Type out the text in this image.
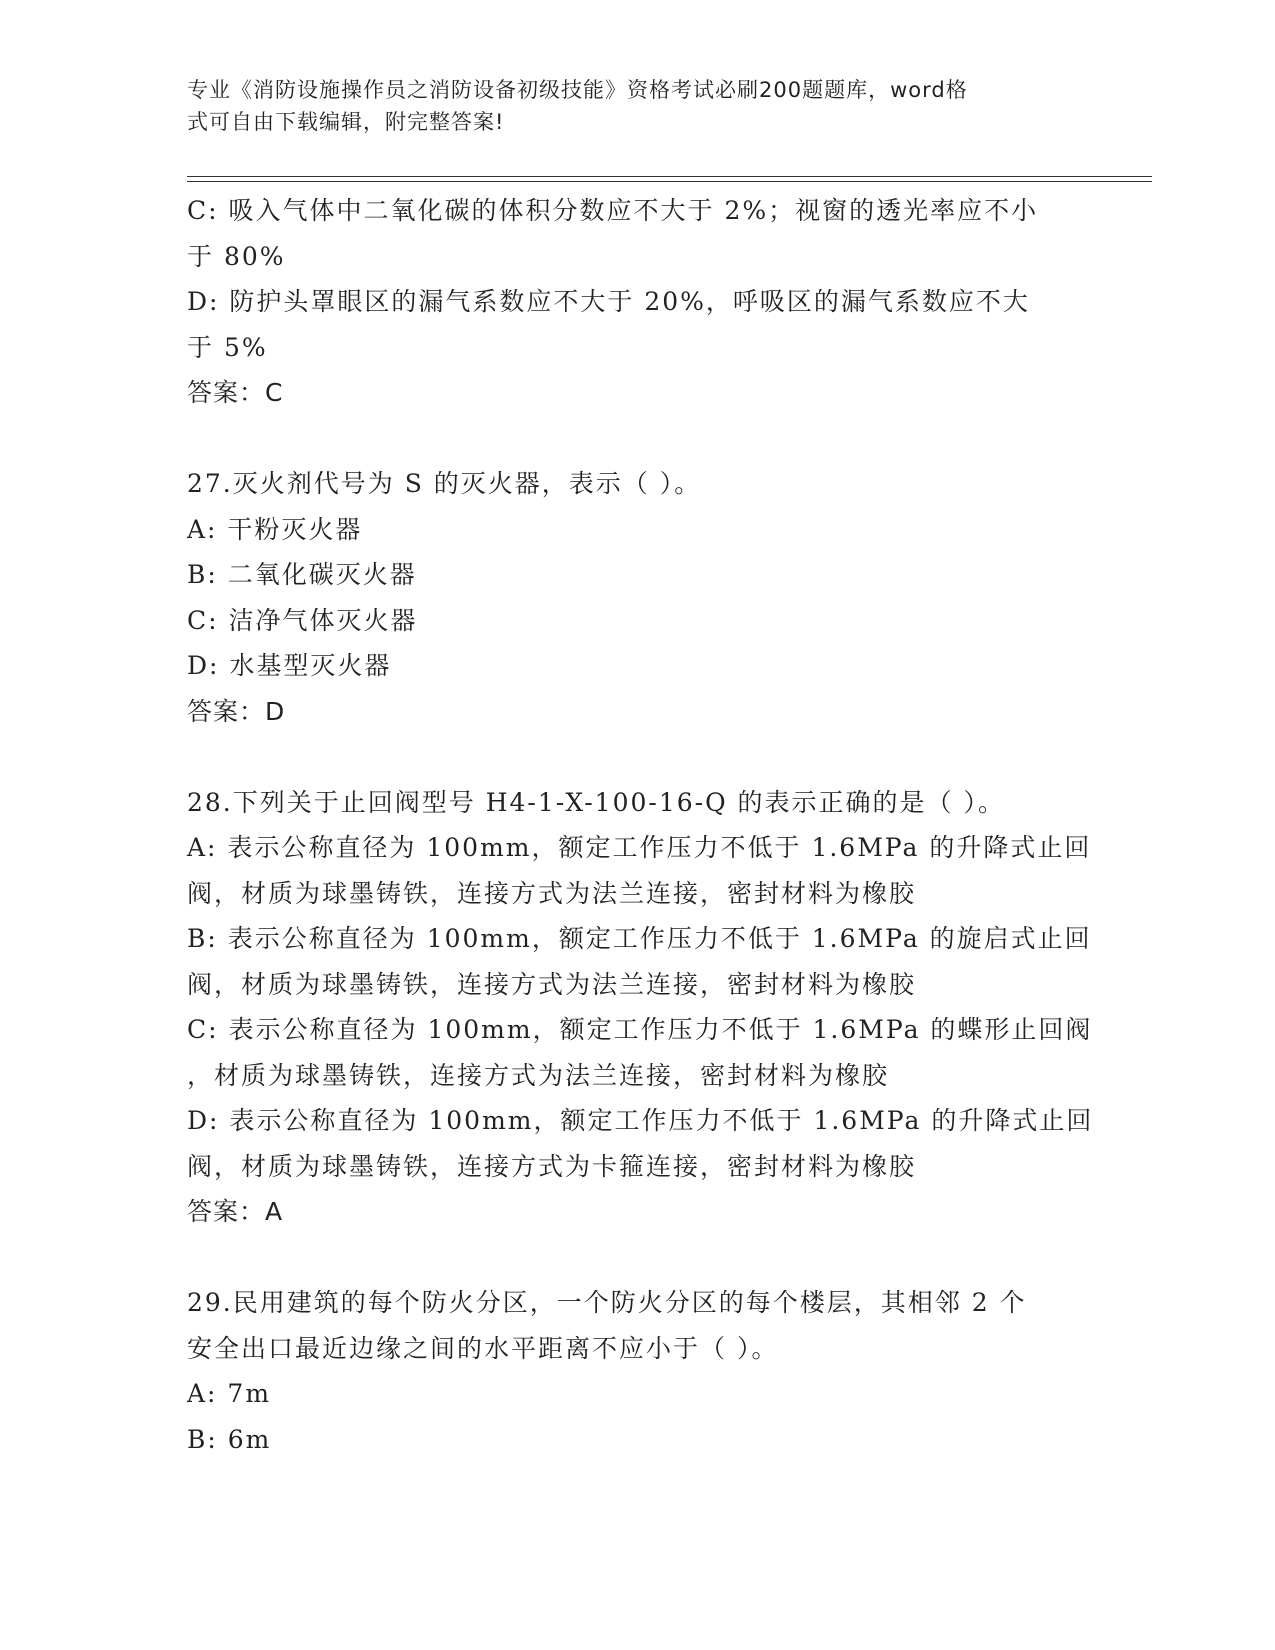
专业《消防设施操作员之消防设备初级技能》资格考试必刷200题题库，word格
式可自由下载编辑，附完整答案!
C: 吸入气体中二氧化碳的体积分数应不大于 2%；视窗的透光率应不小
于 80%
D: 防护头罩眼区的漏气系数应不大于 20%，呼吸区的漏气系数应不大
于 5%
答案：C
27.灭火剂代号为 S 的灭火器，表示（ ）。
A: 干粉灭火器
B: 二氧化碳灭火器
C: 洁净气体灭火器
D: 水基型灭火器
答案：D
28.下列关于止回阀型号 H4-1-X-100-16-Q 的表示正确的是（ ）。
A: 表示公称直径为 100mm，额定工作压力不低于 1.6MPa 的升降式止回
阀，材质为球墨铸铁，连接方式为法兰连接，密封材料为橡胶
B: 表示公称直径为 100mm，额定工作压力不低于 1.6MPa 的旋启式止回
阀，材质为球墨铸铁，连接方式为法兰连接，密封材料为橡胶
C: 表示公称直径为 100mm，额定工作压力不低于 1.6MPa 的蝶形止回阀
，材质为球墨铸铁，连接方式为法兰连接，密封材料为橡胶
D: 表示公称直径为 100mm，额定工作压力不低于 1.6MPa 的升降式止回
阀，材质为球墨铸铁，连接方式为卡箍连接，密封材料为橡胶
答案：A
29.民用建筑的每个防火分区，一个防火分区的每个楼层，其相邻 2 个
安全出口最近边缘之间的水平距离不应小于（ ）。
A: 7m
B: 6m
